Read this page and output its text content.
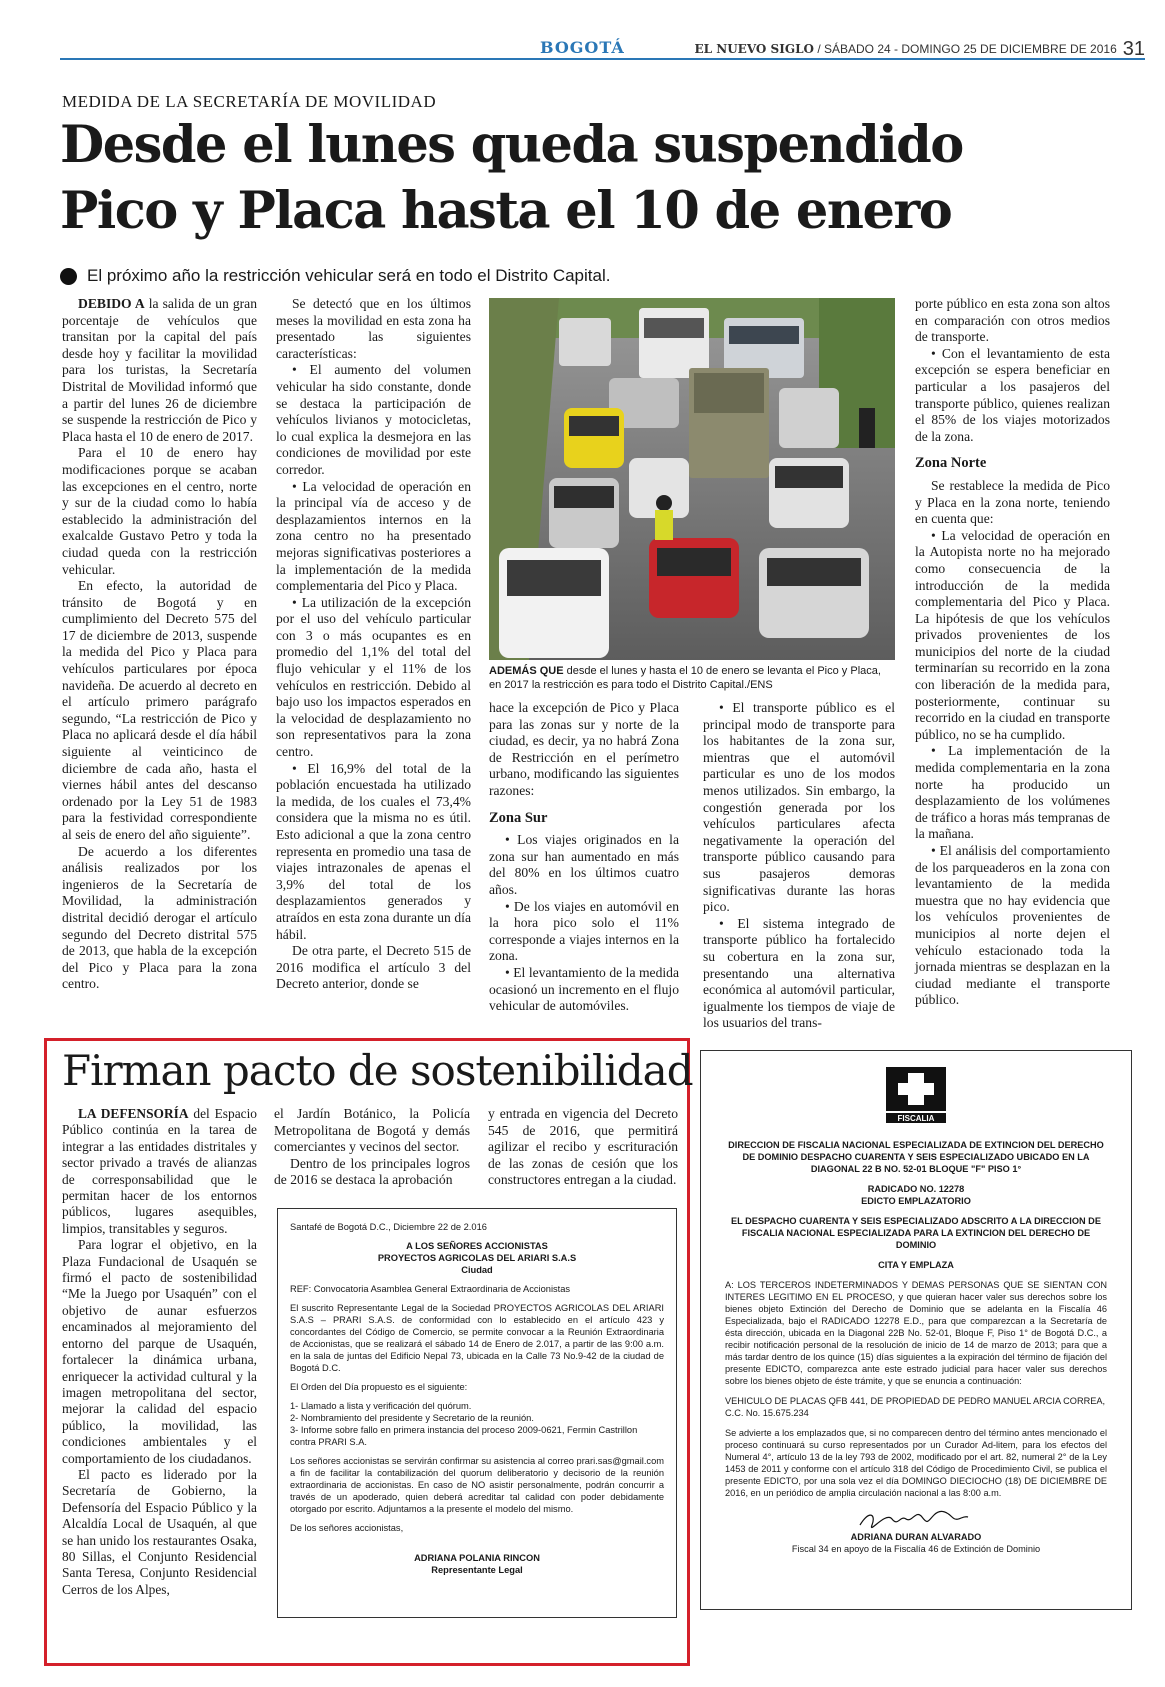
BOGOTÁ	EL NUEVO SIGLO / SÁBADO 24 - DOMINGO 25 DE DICIEMBRE DE 2016 31
MEDIDA DE LA SECRETARÍA DE MOVILIDAD
Desde el lunes queda suspendido Pico y Placa hasta el 10 de enero
El próximo año la restricción vehicular será en todo el Distrito Capital.

DEBIDO A la salida de un gran porcentaje de vehículos que transitan por la capital del país desde hoy y facilitar la movilidad para los turistas, la Secretaría Distrital de Movilidad informó que a partir del lunes 26 de diciembre se suspende la restricción de Pico y Placa hasta el 10 de enero de 2017.

Para el 10 de enero hay modificaciones porque se acaban las excepciones en el centro, norte y sur de la ciudad como lo había establecido la administración del exalcalde Gustavo Petro y toda la ciudad queda con la restricción vehicular.

En efecto, la autoridad de tránsito de Bogotá y en cumplimiento del Decreto 575 del 17 de diciembre de 2013, suspende la medida del Pico y Placa para vehículos particulares por época navideña. De acuerdo al decreto en el artículo primero parágrafo segundo, “La restricción de Pico y Placa no aplicará desde el día hábil siguiente al veinticinco de diciembre de cada año, hasta el viernes hábil antes del descanso ordenado por la Ley 51 de 1983 para la festividad correspondiente al seis de enero del año siguiente”.

De acuerdo a los diferentes análisis realizados por los ingenieros de la Secretaría de Movilidad, la administración distrital decidió derogar el artículo segundo del Decreto distrital 575 de 2013, que habla de la excepción del Pico y Placa para la zona centro.

Se detectó que en los últimos meses la movilidad en esta zona ha presentado las siguientes características:

• El aumento del volumen vehicular ha sido constante, donde se destaca la participación de vehículos livianos y motocicletas, lo cual explica la desmejora en las condiciones de movilidad por este corredor.

• La velocidad de operación en la principal vía de acceso y de desplazamientos internos en la zona centro no ha presentado mejoras significativas posteriores a la implementación de la medida complementaria del Pico y Placa.

• La utilización de la excepción por el uso del vehículo particular con 3 o más ocupantes es en promedio del 1,1% del total del flujo vehicular y el 11% de los vehículos en restricción. Debido al bajo uso los impactos esperados en la velocidad de desplazamiento no son representativos para la zona centro.

• El 16,9% del total de la población encuestada ha utilizado la medida, de los cuales el 73,4% considera que la misma no es útil. Esto adicional a que la zona centro representa en promedio una tasa de viajes intrazonales de apenas el 3,9% del total de los desplazamientos generados y atraídos en esta zona durante un día hábil.

De otra parte, el Decreto 515 de 2016 modifica el artículo 3 del Decreto anterior, donde se

ADEMÁS QUE desde el lunes y hasta el 10 de enero se levanta el Pico y Placa, en 2017 la restricción es para todo el Distrito Capital./ENS

hace la excepción de Pico y Placa para las zonas sur y norte de la ciudad, es decir, ya no habrá Zona de Restricción en el perímetro urbano, modificando las siguientes razones:

Zona Sur

• Los viajes originados en la zona sur han aumentado en más del 80% en los últimos cuatro años.

• De los viajes en automóvil en la hora pico solo el 11% corresponde a viajes internos en la zona.

• El levantamiento de la medida ocasionó un incremento en el flujo vehicular de automóviles.

• El transporte público es el principal modo de transporte para los habitantes de la zona sur, mientras que el automóvil particular es uno de los modos menos utilizados. Sin embargo, la congestión generada por los vehículos particulares afecta negativamente la operación del transporte público causando para sus pasajeros demoras significativas durante las horas pico.

• El sistema integrado de transporte público ha fortalecido su cobertura en la zona sur, presentando una alternativa económica al automóvil particular, igualmente los tiempos de viaje de los usuarios del trans-

porte público en esta zona son altos en comparación con otros medios de transporte.

• Con el levantamiento de esta excepción se espera beneficiar en particular a los pasajeros del transporte público, quienes realizan el 85% de los viajes motorizados de la zona.

Zona Norte

Se restablece la medida de Pico y Placa en la zona norte, teniendo en cuenta que:

• La velocidad de operación en la Autopista norte no ha mejorado como consecuencia de la introducción de la medida complementaria del Pico y Placa. La hipótesis de que los vehículos privados provenientes de los municipios del norte de la ciudad terminarían su recorrido en la zona con liberación de la medida para, posteriormente, continuar su recorrido en la ciudad en transporte público, no se ha cumplido.

• La implementación de la medida complementaria en la zona norte ha producido un desplazamiento de los volúmenes de tráfico a horas más tempranas de la mañana.

• El análisis del comportamiento de los parqueaderos en la zona con levantamiento de la medida muestra que no hay evidencia que los vehículos provenientes de municipios al norte dejen el vehículo estacionado toda la jornada mientras se desplazan en la ciudad mediante el transporte público.

Firman pacto de sostenibilidad

LA DEFENSORÍA del Espacio Público continúa en la tarea de integrar a las entidades distritales y sector privado a través de alianzas de corresponsabilidad que le permitan hacer de los entornos públicos, lugares asequibles, limpios, transitables y seguros.

Para lograr el objetivo, en la Plaza Fundacional de Usaquén se firmó el pacto de sostenibilidad “Me la Juego por Usaquén” con el objetivo de aunar esfuerzos encaminados al mejoramiento del entorno del parque de Usaquén, fortalecer la dinámica urbana, enriquecer la actividad cultural y la imagen metropolitana del sector, mejorar la calidad del espacio público, la movilidad, las condiciones ambientales y el comportamiento de los ciudadanos.

El pacto es liderado por la Secretaría de Gobierno, la Defensoría del Espacio Público y la Alcaldía Local de Usaquén, al que se han unido los restaurantes Osaka, 80 Sillas, el Conjunto Residencial Santa Teresa, Conjunto Residencial Cerros de los Alpes,

el Jardín Botánico, la Policía Metropolitana de Bogotá y demás comerciantes y vecinos del sector.

Dentro de los principales logros de 2016 se destaca la aprobación

y entrada en vigencia del Decreto 545 de 2016, que permitirá agilizar el recibo y escrituración de las zonas de cesión que los constructores entregan a la ciudad.

Santafé de Bogotá D.C., Diciembre 22 de 2.016

A LOS SEÑORES ACCIONISTAS
PROYECTOS AGRICOLAS DEL ARIARI S.A.S

Ciudad

REF: Convocatoria Asamblea General Extraordinaria de Accionistas

El suscrito Representante Legal de la Sociedad PROYECTOS AGRICOLAS DEL ARIARI S.A.S – PRARI S.A.S. de conformidad con lo establecido en el artículo 423 y concordantes del Código de Comercio, se permite convocar a la Reunión Extraordinaria de Accionistas, que se realizará el sábado 14 de Enero de 2.017, a partir de las 9:00 a.m. en la sala de juntas del Edificio Nepal 73, ubicada en la Calle 73 No.9-42 de la ciudad de Bogotá D.C.

El Orden del Día propuesto es el siguiente:

1- Llamado a lista y verificación del quórum.
2- Nombramiento del presidente y Secretario de la reunión.

3- Informe sobre fallo en primera instancia del proceso 2009-0621, Fermin Castrillon contra PRARI S.A.

Los señores accionistas se servirán confirmar su asistencia al correo prari.sas@gmail.com a fin de facilitar la contabilización del quorum deliberatorio y decisorio de la reunión extraordinaria de accionistas. En caso de NO asistir personalmente, podrán concurrir a través de un apoderado, quien deberá acreditar tal calidad con poder debidamente otorgado por escrito. Adjuntamos a la presente el modelo del mismo.

De los señores accionistas,

ADRIANA POLANIA RINCON
Representante Legal
FISCALIA

DIRECCION DE FISCALIA NACIONAL ESPECIALIZADA DE EXTINCION DEL DERECHO DE DOMINIO DESPACHO CUARENTA Y SEIS ESPECIALIZADO UBICADO EN LA DIAGONAL 22 B NO. 52-01 BLOQUE "F" PISO 1°

RADICADO NO. 12278

EDICTO EMPLAZATORIO

EL DESPACHO CUARENTA Y SEIS ESPECIALIZADO ADSCRITO A LA DIRECCION DE FISCALIA NACIONAL ESPECIALIZADA PARA LA EXTINCION DEL DERECHO DE DOMINIO

CITA Y EMPLAZA

A: LOS TERCEROS INDETERMINADOS Y DEMAS PERSONAS QUE SE SIENTAN CON INTERES LEGITIMO EN EL PROCESO, y que quieran hacer valer sus derechos sobre los bienes objeto Extinción del Derecho de Dominio que se adelanta en la Fiscalía 46 Especializada, bajo el RADICADO 12278 E.D., para que comparezcan a la Secretaría de ésta dirección, ubicada en la Diagonal 22B No. 52-01, Bloque F, Piso 1° de Bogotá D.C., a recibir notificación personal de la resolución de inicio de 14 de marzo de 2013; para que a más tardar dentro de los quince (15) días siguientes a la expiración del término de fijación del presente EDICTO, comparezca ante este estrado judicial para hacer valer sus derechos sobre los bienes objeto de éste trámite, y que se enuncia a continuación:

VEHICULO DE PLACAS QFB 441, DE PROPIEDAD DE PEDRO MANUEL ARCIA CORREA, C.C. No. 15.675.234

Se advierte a los emplazados que, si no comparecen dentro del término antes mencionado el proceso continuará su curso representados por un Curador Ad-litem, para los efectos del Numeral 4°, artículo 13 de la ley 793 de 2002, modificado por el art. 82, numeral 2° de la Ley 1453 de 2011 y conforme con el artículo 318 del Código de Procedimiento Civil, se publica el presente EDICTO, por una sola vez el día DOMINGO DIECIOCHO (18) DE DICIEMBRE DE 2016, en un periódico de amplia circulación nacional a las 8:00 a.m.

ADRIANA DURAN ALVARADO
Fiscal 34 en apoyo de la Fiscalía 46 de Extinción de Dominio
